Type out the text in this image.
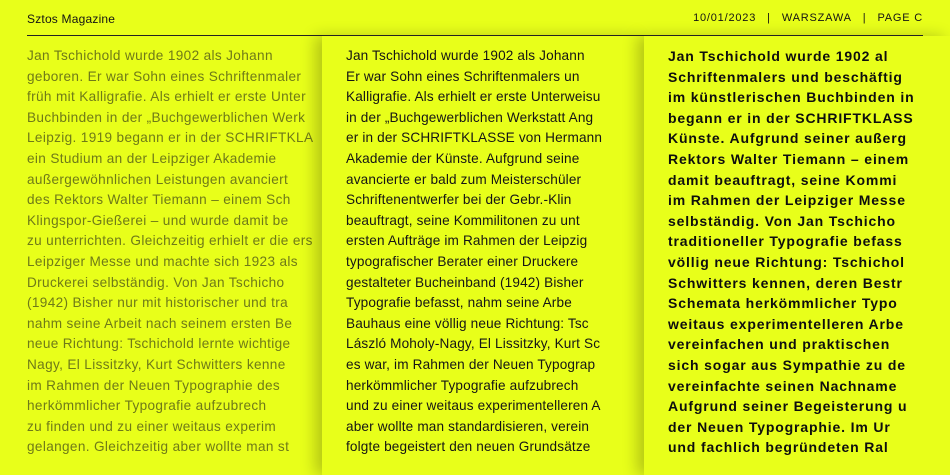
Sztos Magazine	10/01/2023 | WARSZAWA | PAGE C
Jan Tschichold wurde 1902 als Johann
geboren. Er war Sohn eines Schriftenmaler
früh mit Kalligrafie. Als erhielt er erste Unter
Buchbinden in der „Buchgewerblichen Werk
Leipzig. 1919 begann er in der SCHRIFTKLA
ein Studium an der Leipziger Akademie
außergewöhnlichen Leistungen avanciert
des Rektors Walter Tiemann – einem Sch
Klingspor-Gießerei – und wurde damit be
zu unterrichten. Gleichzeitig erhielt er die ers
Leipziger Messe und machte sich 1923 als
Druckerei selbständig. Von Jan Tschicho
(1942) Bisher nur mit historischer und tra
nahm seine Arbeit nach seinem ersten Be
neue Richtung: Tschichold lernte wichtige
Nagy, El Lissitzky, Kurt Schwitters kenne
im Rahmen der Neuen Typographie des
herkömmlicher Typografie aufzubrech
zu finden und zu einer weitaus experim
gelangen. Gleichzeitig aber wollte man st
Jan Tschichold wurde 1902 als Johann
Er war Sohn eines Schriftenmalers un
Kalligrafie. Als erhielt er erste Unterweisu
in der „Buchgewerblichen Werkstatt Ang
er in der SCHRIFTKLASSE von Hermann
Akademie der Künste. Aufgrund seine
avancierte er bald zum Meisterschüler
Schriftenentwerfer bei der Gebr.-Klin
beauftragt, seine Kommilitonen zu unt
ersten Aufträge im Rahmen der Leipzig
typografischer Berater einer Druckere
gestalteter Bucheinband (1942) Bisher
Typografie befasst, nahm seine Arbe
Bauhaus eine völlig neue Richtung: Tsc
László Moholy-Nagy, El Lissitzky, Kurt Sc
es war, im Rahmen der Neuen Typograp
herkömmlicher Typografie aufzubrech
und zu einer weitaus experimentelleren A
aber wollte man standardisieren, verein
folgte begeistert den neuen Grundsätze
Jan Tschichold wurde 1902 al
Schriftenmalers und beschäftig
im künstlerischen Buchbinden in
begann er in der SCHRIFTKLASS
Künste. Aufgrund seiner außerg
Rektors Walter Tiemann – einem
damit beauftragt, seine Kommi
im Rahmen der Leipziger Messe
selbständig. Von Jan Tschicho
traditioneller Typografie befass
völlig neue Richtung: Tschichol
Schwitters kennen, deren Bestr
Schemata herkömmlicher Typo
weitaus experimentelleren Arbe
vereinfachen und praktischen
sich sogar aus Sympathie zu de
vereinfachte seinen Nachname
Aufgrund seiner Begeisterung u
der Neuen Typographie. Im Ur
und fachlich begründeten Ral
